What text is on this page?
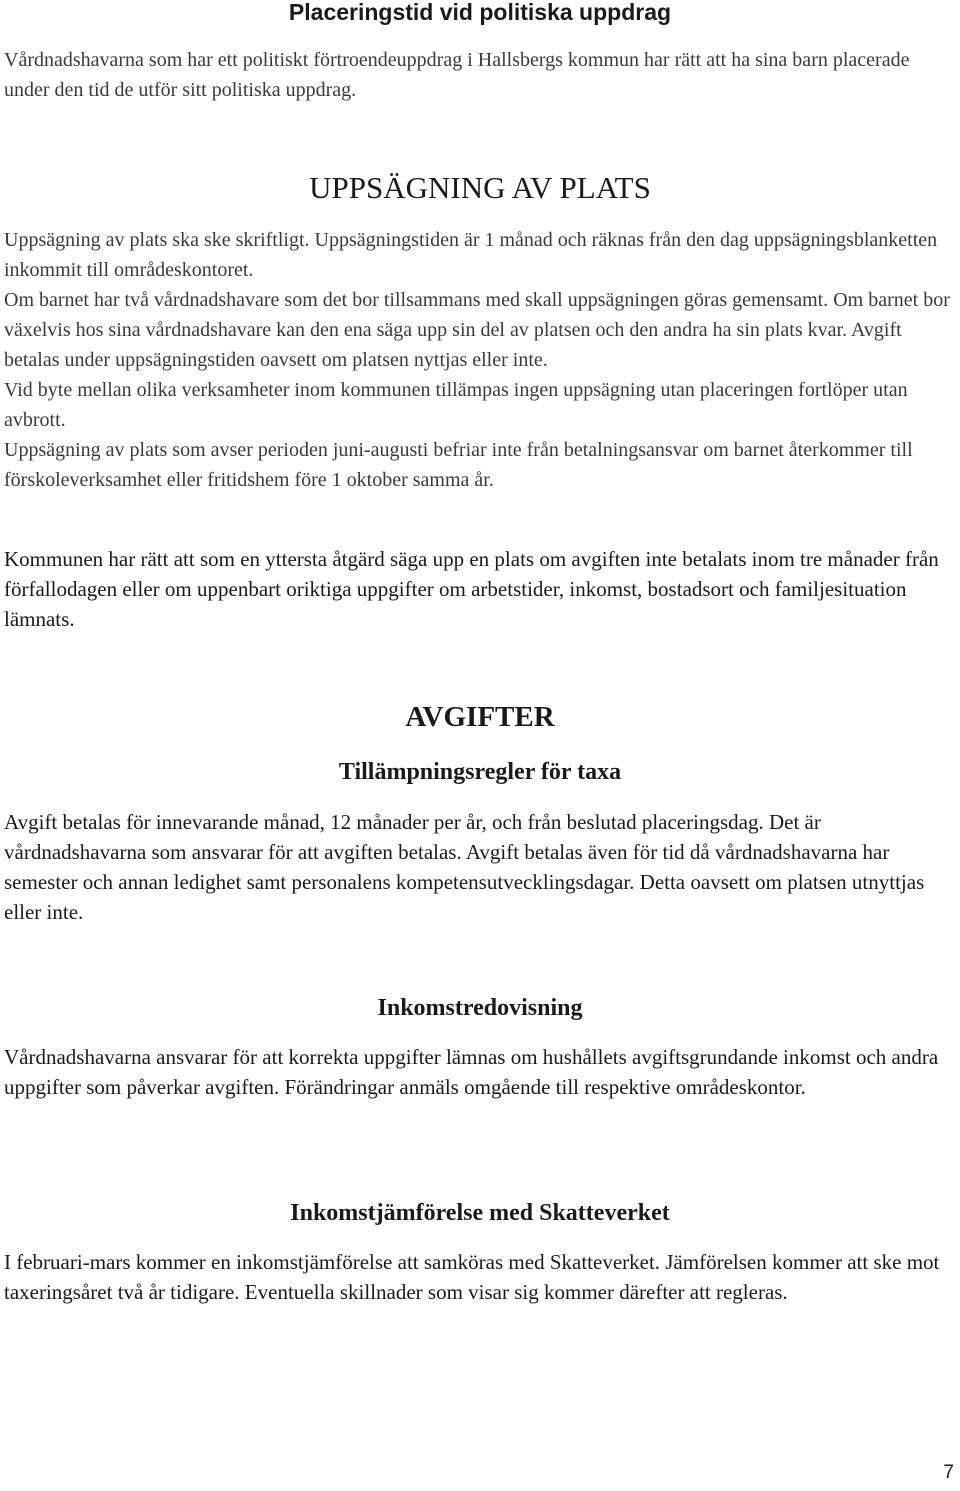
Placeringstid vid politiska uppdrag

Vårdnadshavarna som har ett politiskt förtroendeuppdrag i Hallsbergs kommun har rätt att ha sina barn placerade under den tid de utför sitt politiska uppdrag.

UPPSÄGNING AV PLATS

Uppsägning av plats ska ske skriftligt. Uppsägningstiden är 1 månad och räknas från den dag uppsägningsblanketten inkommit till områdeskontoret.

Om barnet har två vårdnadshavare som det bor tillsammans med skall uppsägningen göras gemensamt. Om barnet bor växelvis hos sina vårdnadshavare kan den ena säga upp sin del av platsen och den andra ha sin plats kvar. Avgift betalas under uppsägningstiden oavsett om platsen nyttjas eller inte.

Vid byte mellan olika verksamheter inom kommunen tillämpas ingen uppsägning utan placeringen fortlöper utan avbrott.

Uppsägning av plats som avser perioden juni-augusti befriar inte från betalningsansvar om barnet återkommer till förskoleverksamhet eller fritidshem före 1 oktober samma år.

Kommunen har rätt att som en yttersta åtgärd säga upp en plats om avgiften inte betalats inom tre månader från förfallodagen eller om uppenbart oriktiga uppgifter om arbetstider, inkomst, bostadsort och familjesituation lämnats.

AVGIFTER
Tillämpningsregler för taxa

Avgift betalas för innevarande månad, 12 månader per år, och från beslutad placeringsdag. Det är vårdnadshavarna som ansvarar för att avgiften betalas. Avgift betalas även för tid då vårdnadshavarna har semester och annan ledighet samt personalens kompetensutvecklingsdagar. Detta oavsett om platsen utnyttjas eller inte.

Inkomstredovisning

Vårdnadshavarna ansvarar för att korrekta uppgifter lämnas om hushållets avgiftsgrundande inkomst och andra uppgifter som påverkar avgiften. Förändringar anmäls omgående till respektive områdeskontor.

Inkomstjämförelse med Skatteverket

I februari-mars kommer en inkomstjämförelse att samköras med Skatteverket. Jämförelsen kommer att ske mot taxeringsåret två år tidigare. Eventuella skillnader som visar sig kommer därefter att regleras.

7
